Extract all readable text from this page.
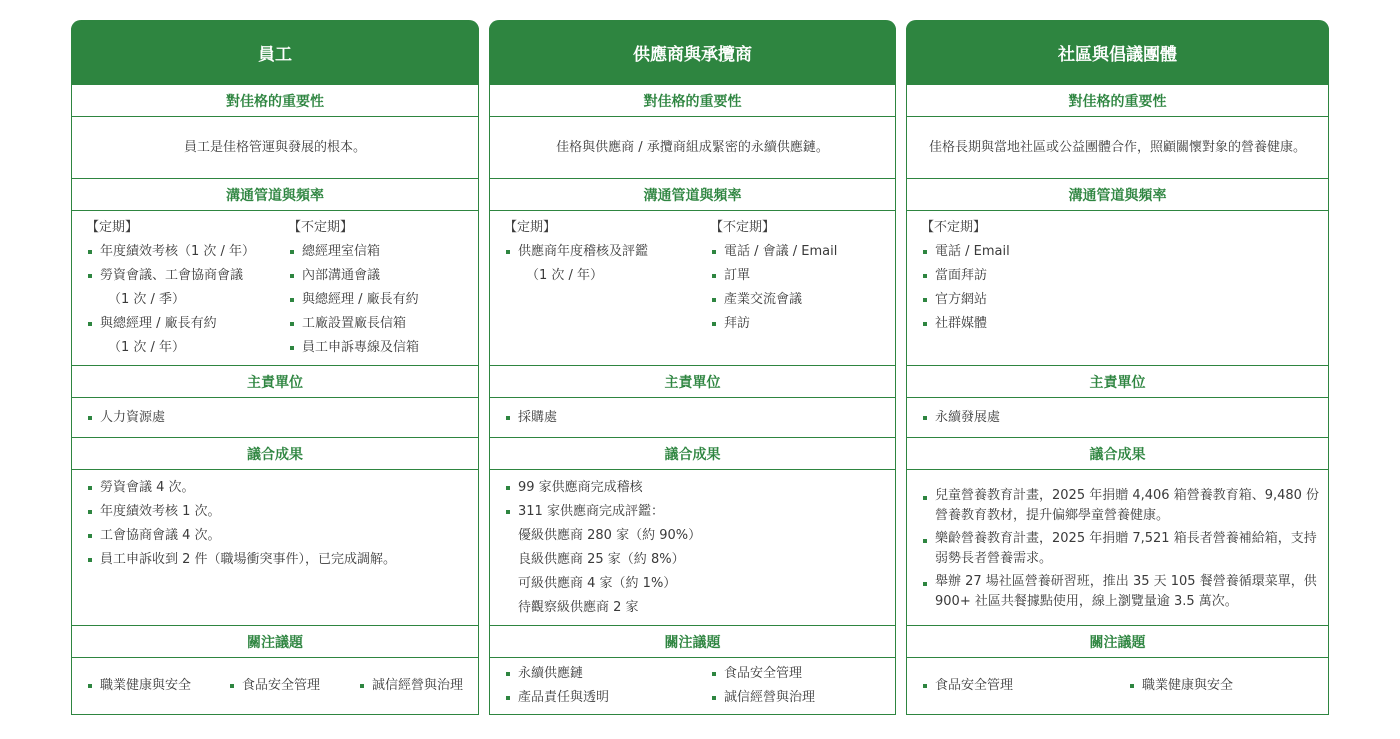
員工
對佳格的重要性
員工是佳格管運與發展的根本。
溝通管道與頻率
【定期】
年度績效考核（1 次 / 年）
勞資會議、工會協商會議
（1 次 / 季）
與總經理 / 廠長有約
（1 次 / 年）
【不定期】
總經理室信箱
內部溝通會議
與總經理 / 廠長有約
工廠設置廠長信箱
員工申訴專線及信箱
主責單位
人力資源處
議合成果
勞資會議 4 次。
年度績效考核 1 次。
工會協商會議 4 次。
員工申訴收到 2 件（職場衝突事件），已完成調解。
關注議題
職業健康與安全	食品安全管理	誠信經營與治理
供應商與承攬商
對佳格的重要性
佳格與供應商 / 承攬商組成緊密的永續供應鏈。
溝通管道與頻率
【定期】
供應商年度稽核及評鑑
（1 次 / 年）
【不定期】
電話 / 會議 / Email
訂單
產業交流會議
拜訪
主責單位
採購處
議合成果
99 家供應商完成稽核
311 家供應商完成評鑑：
優級供應商 280 家（約 90%）
良級供應商 25 家（約 8%）
可級供應商 4 家（約 1%）
待觀察級供應商 2 家
關注議題
永續供應鏈
產品責任與透明
食品安全管理
誠信經營與治理
社區與倡議團體
對佳格的重要性
佳格長期與當地社區或公益團體合作，照顧關懷對象的營養健康。
溝通管道與頻率
【不定期】
電話 / Email
當面拜訪
官方網站
社群媒體
主責單位
永續發展處
議合成果
兒童營養教育計畫，2025 年捐贈 4,406 箱營養教育箱、9,480 份營養教育教材，提升偏鄉學童營養健康。
樂齡營養教育計畫，2025 年捐贈 7,521 箱長者營養補給箱，支持弱勢長者營養需求。
舉辦 27 場社區營養研習班，推出 35 天 105 餐營養循環菜單，供 900+ 社區共餐據點使用，線上瀏覽量逾 3.5 萬次。
關注議題
食品安全管理	職業健康與安全
